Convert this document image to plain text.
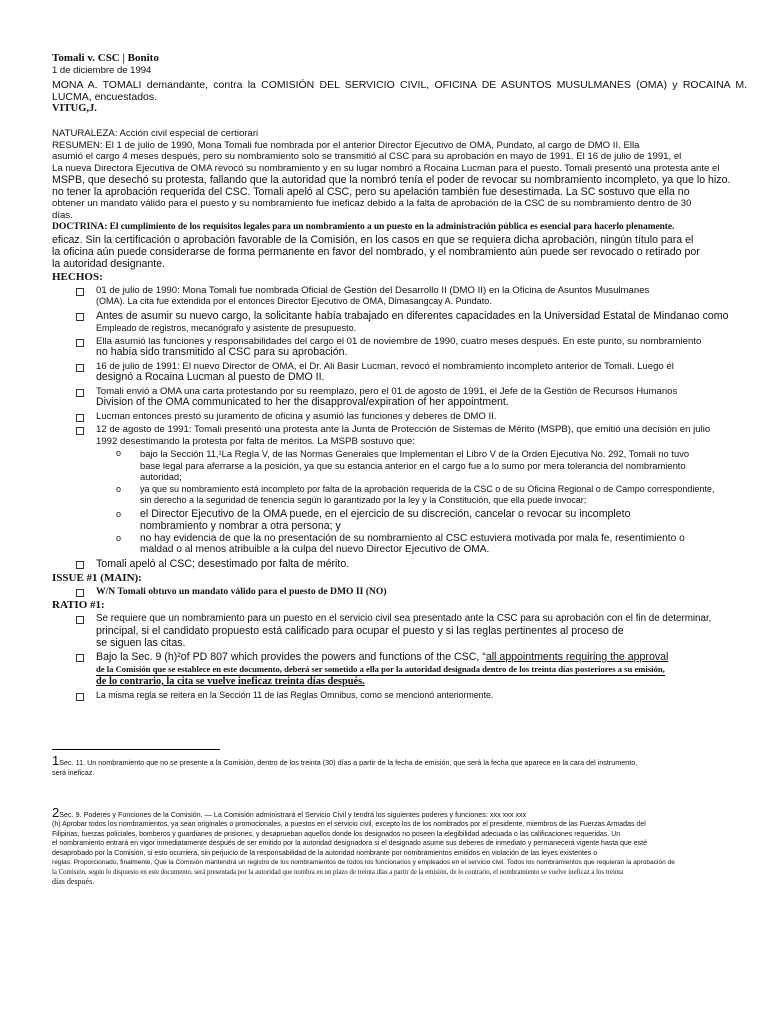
Tomali v. CSC | Bonito
1 de diciembre de 1994
MONA A. TOMALI demandante, contra la COMISIÓN DEL SERVICIO CIVIL, OFICINA DE ASUNTOS MUSULMANES (OMA) y ROCAINA M. LUCMA, encuestados.
VITUG,J.
NATURALEZA: Acción civil especial de certiorari
RESUMEN: El 1 de julio de 1990, Mona Tomali fue nombrada por el anterior Director Ejecutivo de OMA, Pundato, al cargo de DMO II. Ella
asumió el cargo 4 meses después, pero su nombramiento solo se transmitió al CSC para su aprobación en mayo de 1991. El 16 de julio de 1991, el
La nueva Directora Ejecutiva de OMA revocó su nombramiento y en su lugar nombró a Rocaina Lucman para el puesto. Tomali presentó una protesta ante el
MSPB, que desechó su protesta, fallando que la autoridad que la nombró tenía el poder de revocar su nombramiento incompleto, ya que lo hizo.
no tener la aprobación requerida del CSC. Tomali apeló al CSC, pero su apelación también fue desestimada. La SC sostuvo que ella no
obtener un mandato válido para el puesto y su nombramiento fue ineficaz debido a la falta de aprobación de la CSC de su nombramiento dentro de 30
días.
DOCTRINA: El cumplimiento de los requisitos legales para un nombramiento a un puesto en la administración pública es esencial para hacerlo plenamente.
eficaz. Sin la certificación o aprobación favorable de la Comisión, en los casos en que se requiera dicha aprobación, ningún título para el
la oficina aún puede considerarse de forma permanente en favor del nombrado, y el nombramiento aún puede ser revocado o retirado por
la autoridad designante.
HECHOS:
01 de julio de 1990: Mona Tomali fue nombrada Oficial de Gestión del Desarrollo II (DMO II) en la Oficina de Asuntos Musulmanes
(OMA). La cita fue extendida por el entonces Director Ejecutivo de OMA, Dimasangcay A. Pundato.
Antes de asumir su nuevo cargo, la solicitante había trabajado en diferentes capacidades en la Universidad Estatal de Mindanao como
Empleado de registros, mecanógrafo y asistente de presupuesto.
Ella asumió las funciones y responsabilidades del cargo el 01 de noviembre de 1990, cuatro meses después. En este punto, su nombramiento
no había sido transmitido al CSC para su aprobación.
16 de julio de 1991: El nuevo Director de OMA, el Dr. Ali Basir Lucman, revocó el nombramiento incompleto anterior de Tomali. Luego él
designó a Rocaina Lucman al puesto de DMO II.
Tomali envió a OMA una carta protestando por su reemplazo, pero el 01 de agosto de 1991, el Jefe de la Gestión de Recursos Humanos
Division of the OMA communicated to her the disapproval/expiration of her appointment.
Lucman entonces prestó su juramento de oficina y asumió las funciones y deberes de DMO II.
12 de agosto de 1991: Tomali presentó una protesta ante la Junta de Protección de Sistemas de Mérito (MSPB), que emitió una decisión en julio
1992 desestimando la protesta por falta de méritos. La MSPB sostuvo que:
o bajo la Sección 11,¹La Regla V, de las Normas Generales que Implementan el Libro V de la Orden Ejecutiva No. 292, Tomali no tuvo
base legal para aferrarse a la posición, ya que su estancia anterior en el cargo fue a lo sumo por mera tolerancia del nombramiento
autoridad;
o ya que su nombramiento está incompleto por falta de la aprobación requerida de la CSC o de su Oficina Regional o de Campo correspondiente,
sin derecho a la seguridad de tenencia según lo garantizado por la ley y la Constitución, que ella puede invocar;
o el Director Ejecutivo de la OMA puede, en el ejercicio de su discreción, cancelar o revocar su incompleto
nombramiento y nombrar a otra persona; y
o no hay evidencia de que la no presentación de su nombramiento al CSC estuviera motivada por mala fe, resentimiento o
maldad o al menos atribuible a la culpa del nuevo Director Ejecutivo de OMA.
Tomali apeló al CSC; desestimado por falta de mérito.
ISSUE #1 (MAIN):
W/N Tomali obtuvo un mandato válido para el puesto de DMO II (NO)
RATIO #1:
Se requiere que un nombramiento para un puesto en el servicio civil sea presentado ante la CSC para su aprobación con el fin de determinar,
principal, si el candidato propuesto está calificado para ocupar el puesto y si las reglas pertinentes al proceso de
se siguen las citas.
Bajo la Sec. 9 (h)²of PD 807 which provides the powers and functions of the CSC, “all appointments requiring the approval
de la Comisión que se establece en este documento, deberá ser sometido a ella por la autoridad designada dentro de los treinta días posteriores a su emisión,
de lo contrario, la cita se vuelve ineficaz treinta días después.
La misma regla se reitera en la Sección 11 de las Reglas Omnibus, como se mencionó anteriormente.
1Sec. 11. Un nombramiento que no se presente a la Comisión, dentro de los treinta (30) días a partir de la fecha de emisión, que será la fecha que aparece en la cara del instrumento,
será ineficaz.
2Sec. 9. Poderes y Funciones de la Comisión. — La Comisión administrará el Servicio Civil y tendrá los siguientes poderes y funciones: xxx xxx xxx
(h) Aprobar todos los nombramientos, ya sean originales o promocionales, a puestos en el servicio civil, excepto los de los nombrados por el presidente, miembros de las Fuerzas Armadas del
Filipinas, fuerzas policiales, bomberos y guardianes de prisiones, y desaprueban aquellos donde los designados no poseen la elegibilidad adecuada o las calificaciones requeridas. Un
el nombramiento entrará en vigor inmediatamente después de ser emitido por la autoridad designadora si el designado asume sus deberes de inmediato y permanecerá vigente hasta que esté
desaprobado por la Comisión, si esto ocurriera, sin perjuicio de la responsabilidad de la autoridad nombrante por nombramientos emitidos en violación de las leyes existentes o
reglas: Proporcionado, finalmente, Que la Comisión mantendrá un registro de los nombramientos de todos los funcionarios y empleados en el servicio civil. Todos los nombramientos que requieran la aprobación de
la Comisión, según lo dispuesto en este documento, será presentada por la autoridad que nombra en un plazo de treinta días a partir de la emisión, de lo contrario, el nombramiento se vuelve ineficaz a los treinta
días después.
